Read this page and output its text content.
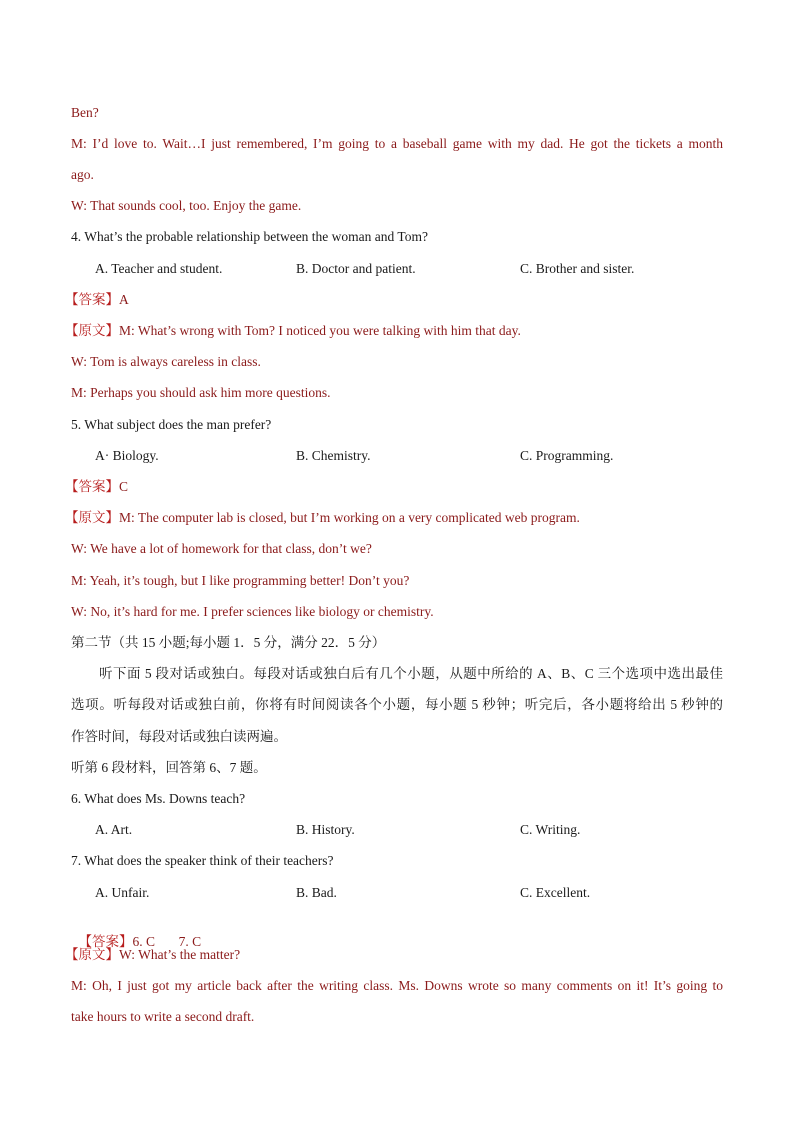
Ben?
M: I’d love to. Wait…I just remembered, I’m going to a baseball game with my dad. He got the tickets a month
ago.
W: That sounds cool, too. Enjoy the game.
4. What’s the probable relationship between the woman and Tom?
A. Teacher and student.	B. Doctor and patient.	C. Brother and sister.
【答案】A
【原文】M: What’s wrong with Tom? I noticed you were talking with him that day.
W: Tom is always careless in class.
M: Perhaps you should ask him more questions.
5. What subject does the man prefer?
A· Biology.	B. Chemistry.	C. Programming.
【答案】C
【原文】M: The computer lab is closed, but I’m working on a very complicated web program.
W: We have a lot of homework for that class, don’t we?
M: Yeah, it’s tough, but I like programming better! Don’t you?
W: No, it’s hard for me. I prefer sciences like biology or chemistry.
第二节（共 15 小题;每小题 1．5 分，满分 22．5 分）
听下面 5 段对话或独白。每段对话或独白后有几个小题，从题中所给的 A、B、C 三个选项中选出最佳
选项。听每段对话或独白前，你将有时间阅读各个小题，每小题 5 秒钟；听完后，各小题将给出 5 秒钟的
作答时间，每段对话或独白读两遍。
听第 6 段材料，回答第 6、7 题。
6. What does Ms. Downs teach?
A. Art.	B. History.	C. Writing.
7. What does the speaker think of their teachers?
A. Unfair.	B. Bad.	C. Excellent.

【答案】6. C       7. C

【原文】W: What’s the matter?
M: Oh, I just got my article back after the writing class. Ms. Downs wrote so many comments on it! It’s going to
take hours to write a second draft.
